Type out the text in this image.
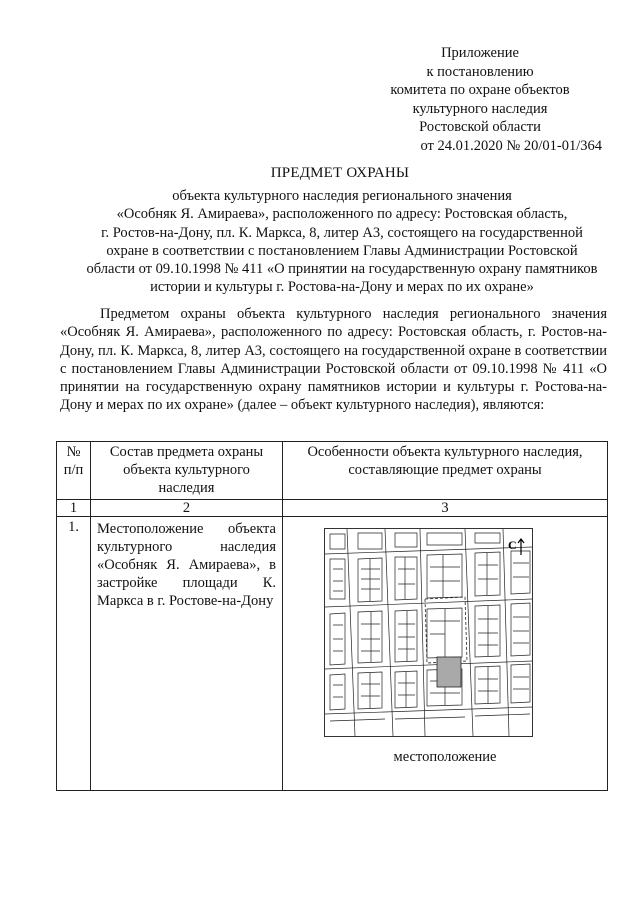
Приложение
к постановлению
комитета по охране объектов
культурного наследия
Ростовской области
от 24.01.2020 № 20/01-01/364
ПРЕДМЕТ ОХРАНЫ
объекта культурного наследия регионального значения
«Особняк Я. Амираева», расположенного по адресу: Ростовская область,
г. Ростов-на-Дону, пл. К. Маркса, 8, литер А3, состоящего на государственной
охране в соответствии с постановлением Главы Администрации Ростовской
области от 09.10.1998 № 411 «О принятии на государственную охрану памятников
истории и культуры г. Ростова-на-Дону и мерах по их охране»
Предметом охраны объекта культурного наследия регионального значения «Особняк Я. Амираева», расположенного по адресу: Ростовская область, г. Ростов-на-Дону, пл. К. Маркса, 8, литер А3, состоящего на государственной охране в соответствии с постановлением Главы Администрации Ростовской области от 09.10.1998 № 411 «О принятии на государственную охрану памятников истории и культуры г. Ростова-на-Дону и мерах по их охране» (далее – объект культурного наследия), являются:
№ п/п	Состав предмета охраны объекта культурного наследия	Особенности объекта культурного наследия, составляющие предмет охраны
1	2	3
1.	Местоположение объекта культурного наследия «Особняк Я. Амираева», в застройке площади К. Маркса в г. Ростове-на-Дону	С
местоположение
